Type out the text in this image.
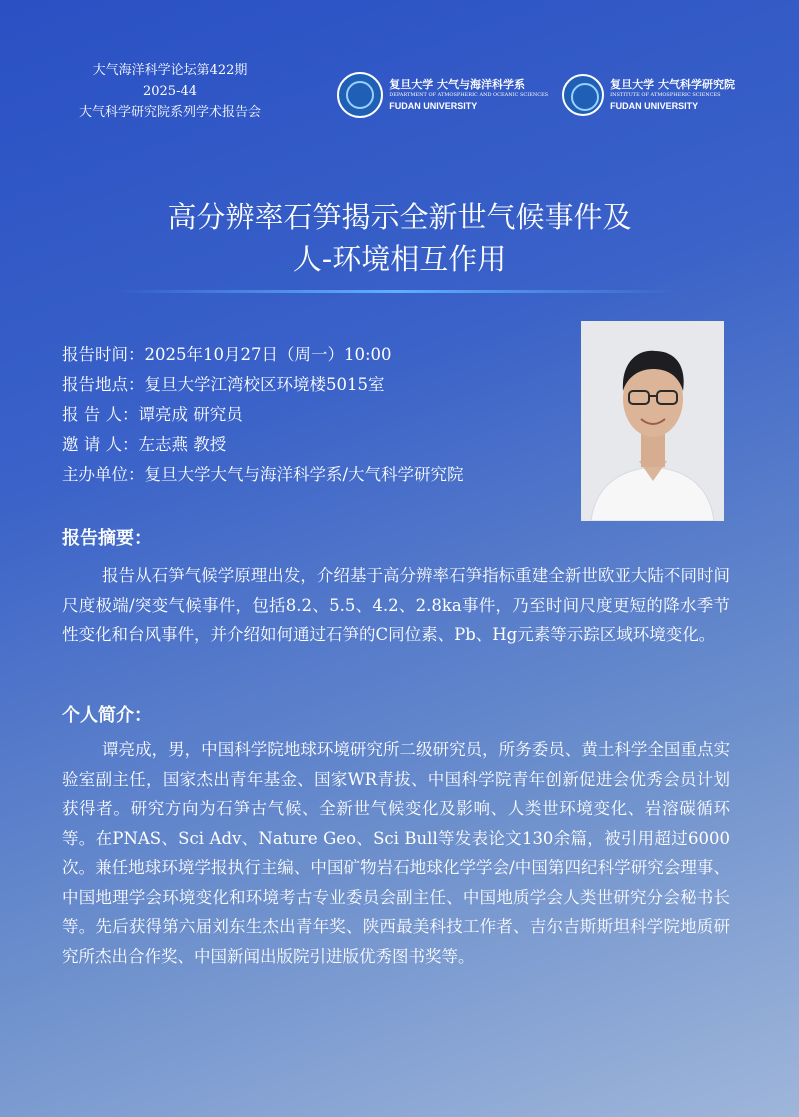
大气海洋科学论坛第422期
2025-44
大气科学研究院系列学术报告会
复旦大学 大气与海洋科学系
DEPARTMENT OF ATMOSPHERIC AND OCEANIC SCIENCES
FUDAN UNIVERSITY
复旦大学 大气科学研究院
INSTITUTE OF ATMOSPHERIC SCIENCES
FUDAN UNIVERSITY
高分辨率石笋揭示全新世气候事件及
人-环境相互作用
报告时间：2025年10月27日（周一）10:00
报告地点：复旦大学江湾校区环境楼5015室
报 告 人：谭亮成 研究员
邀 请 人：左志燕 教授
主办单位：复旦大学大气与海洋科学系/大气科学研究院
报告摘要：
报告从石笋气候学原理出发，介绍基于高分辨率石笋指标重建全新世欧亚大陆不同时间尺度极端/突变气候事件，包括8.2、5.5、4.2、2.8ka事件，乃至时间尺度更短的降水季节性变化和台风事件，并介绍如何通过石笋的C同位素、Pb、Hg元素等示踪区域环境变化。
个人简介：
谭亮成，男，中国科学院地球环境研究所二级研究员，所务委员、黄土科学全国重点实验室副主任，国家杰出青年基金、国家WR青拔、中国科学院青年创新促进会优秀会员计划获得者。研究方向为石笋古气候、全新世气候变化及影响、人类世环境变化、岩溶碳循环等。在PNAS、Sci Adv、Nature Geo、Sci Bull等发表论文130余篇，被引用超过6000次。兼任地球环境学报执行主编、中国矿物岩石地球化学学会/中国第四纪科学研究会理事、中国地理学会环境变化和环境考古专业委员会副主任、中国地质学会人类世研究分会秘书长等。先后获得第六届刘东生杰出青年奖、陕西最美科技工作者、吉尔吉斯斯坦科学院地质研究所杰出合作奖、中国新闻出版院引进版优秀图书奖等。
